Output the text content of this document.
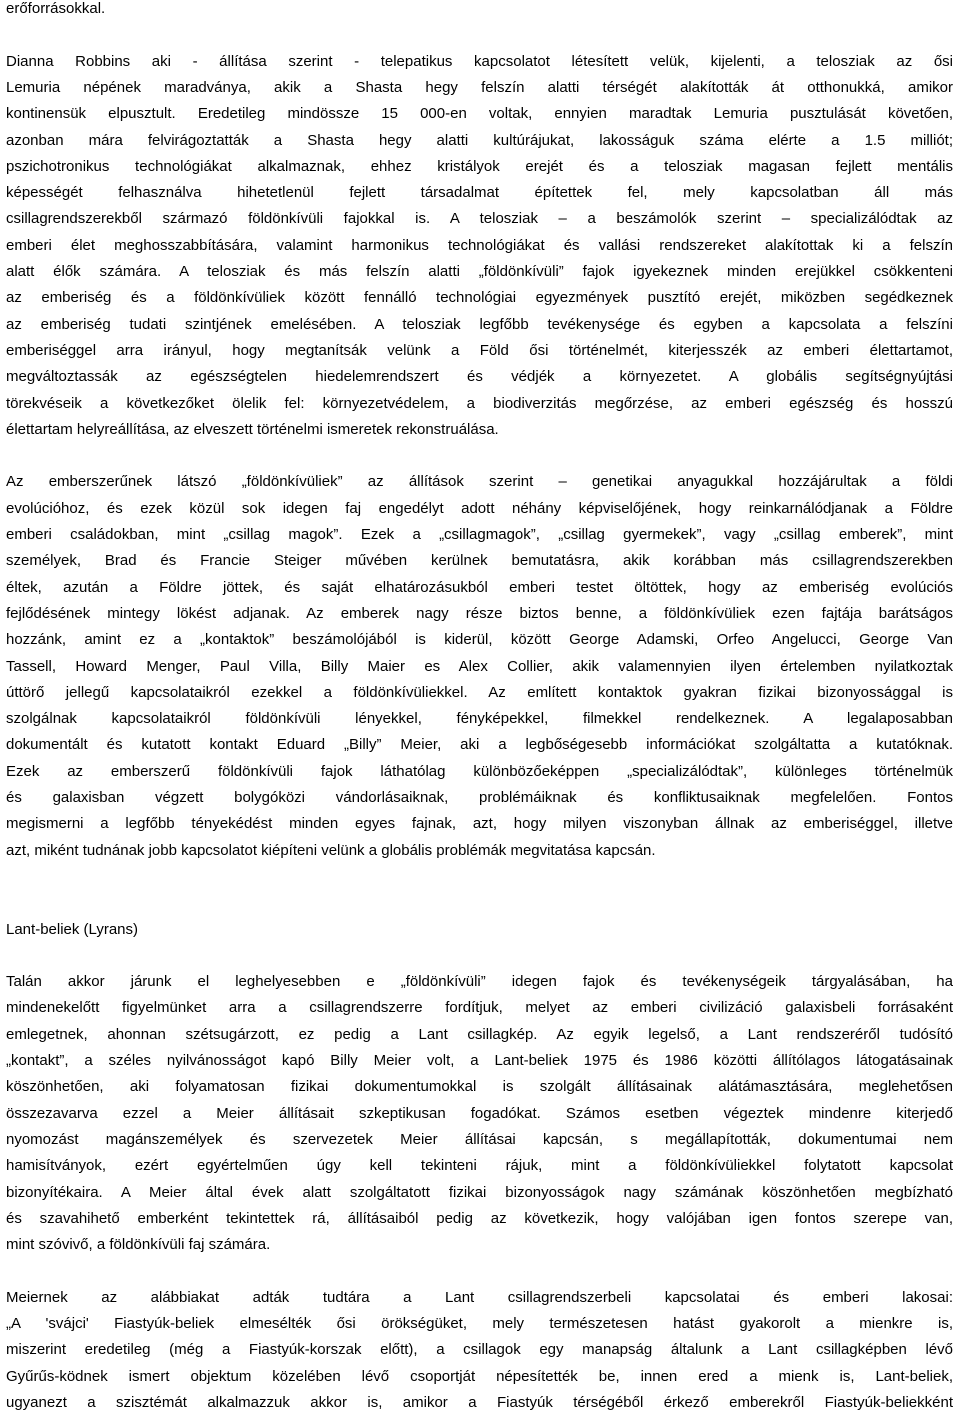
erőforrásokkal.
Dianna Robbins aki - állítása szerint - telepatikus kapcsolatot létesített velük, kijelenti, a telosziak az ősi
Lemuria népének maradványa, akik a Shasta hegy felszín alatti térségét alakították át otthonukká, amikor
kontinensük elpusztult. Eredetileg mindössze 15 000-en voltak, ennyien maradtak Lemuria pusztulását követően,
azonban mára felvirágoztatták a Shasta hegy alatti kultúrájukat, lakosságuk száma elérte a 1.5 milliót;
pszichotronikus technológiákat alkalmaznak, ehhez kristályok erejét és a telosziak magasan fejlett mentális
képességét felhasználva hihetetlenül fejlett társadalmat építettek fel, mely kapcsolatban áll más
csillagrendszerekből származó földönkívüli fajokkal is. A telosziak – a beszámolók szerint – specializálódtak az
emberi élet meghosszabbítására, valamint harmonikus technológiákat és vallási rendszereket alakítottak ki a felszín
alatt élők számára. A telosziak és más felszín alatti „földönkívüli” fajok igyekeznek minden erejükkel csökkenteni
az emberiség és a földönkívüliek között fennálló technológiai egyezmények pusztító erejét, miközben segédkeznek
az emberiség tudati szintjének emelésében. A telosziak legfőbb tevékenysége és egyben a kapcsolata a felszíni
emberiséggel arra irányul, hogy megtanítsák velünk a Föld ősi történelmét, kiterjesszék az emberi élettartamot,
megváltoztassák az egészségtelen hiedelemrendszert és védjék a környezetet. A globális segítségnyújtási
törekvéseik a következőket ölelik fel: környezetvédelem, a biodiverzitás megőrzése, az emberi egészség és hosszú
élettartam helyreállítása, az elveszett történelmi ismeretek rekonstruálása.
Az emberszerűnek látszó „földönkívüliek” az állítások szerint – genetikai anyagukkal hozzájárultak a földi
evolúcióhoz, és ezek közül sok idegen faj engedélyt adott néhány képviselőjének, hogy reinkarnálódjanak a Földre
emberi családokban, mint „csillag magok”. Ezek a „csillagmagok”, „csillag gyermekek”, vagy „csillag emberek”, mint
személyek, Brad és Francie Steiger művében kerülnek bemutatásra, akik korábban más csillagrendszerekben
éltek, azután a Földre jöttek, és saját elhatározásukból emberi testet öltöttek, hogy az emberiség evolúciós
fejlődésének mintegy lökést adjanak. Az emberek nagy része biztos benne, a földönkívüliek ezen fajtája barátságos
hozzánk, amint ez a „kontaktok” beszámolójából is kiderül, között George Adamski, Orfeo Angelucci, George Van
Tassell, Howard Menger, Paul Villa, Billy Maier es Alex Collier, akik valamennyien ilyen értelemben nyilatkoztak
úttörő jellegű kapcsolataikról ezekkel a földönkívüliekkel. Az említett kontaktok gyakran fizikai bizonyossággal is
szolgálnak kapcsolataikról földönkívüli lényekkel, fényképekkel, filmekkel rendelkeznek. A legalaposabban
dokumentált és kutatott kontakt Eduard „Billy” Meier, aki a legbőségesebb információkat szolgáltatta a kutatóknak.
Ezek az emberszerű földönkívüli fajok láthatólag különbözőeképpen „specializálódtak”, különleges történelmük
és galaxisban végzett bolygóközi vándorlásaiknak, problémáiknak és konfliktusaiknak megfelelően. Fontos
megismerni a legfőbb tényekédést minden egyes fajnak, azt, hogy milyen viszonyban állnak az emberiséggel, illetve
azt, miként tudnának jobb kapcsolatot kiépíteni velünk a globális problémák megvitatása kapcsán.
Lant-beliek (Lyrans)
Talán akkor járunk el leghelyesebben e „földönkívüli” idegen fajok és tevékenységeik tárgyalásában, ha
mindenekelőtt figyelmünket arra a csillagrendszerre fordítjuk, melyet az emberi civilizáció galaxisbeli forrásaként
emlegetnek, ahonnan szétsugárzott, ez pedig a Lant csillagkép. Az egyik legelső, a Lant rendszeréről tudósító
„kontakt”, a széles nyilvánosságot kapó Billy Meier volt, a Lant-beliek 1975 és 1986 közötti állítólagos látogatásainak
köszönhetően, aki folyamatosan fizikai dokumentumokkal is szolgált állításainak alátámasztására, meglehetősen
összezavarva ezzel a Meier állításait szkeptikusan fogadókat. Számos esetben végeztek mindenre kiterjedő
nyomozást magánszemélyek és szervezetek Meier állításai kapcsán, s megállapították, dokumentumai nem
hamisítványok, ezért egyértelműen úgy kell tekinteni rájuk, mint a földönkívüliekkel folytatott kapcsolat
bizonyítékaira. A Meier által évek alatt szolgáltatott fizikai bizonyosságok nagy számának köszönhetően megbízható
és szavahihető emberként tekintettek rá, állításaiból pedig az következik, hogy valójában igen fontos szerepe van,
mint szóvivő, a földönkívüli faj számára.
Meiernek az alábbiakat adták tudtára a Lant csillagrendszerbeli kapcsolatai és emberi lakosai:
„A 'svájci' Fiastyúk-beliek elmesélték ősi örökségüket, mely természetesen hatást gyakorolt a mienkre is,
miszerint eredetileg (még a Fiastyúk-korszak előtt), a csillagok egy manapság általunk a Lant csillagképben lévő
Gyűrűs-ködnek ismert objektum közelében lévő csoportját népesítették be, innen ered a mienk is, Lant-beliek,
ugyanezt a szisztémát alkalmazzuk akkor is, amikor a Fiastyúk térségéből érkező emberekről Fiastyúk-beliekként
